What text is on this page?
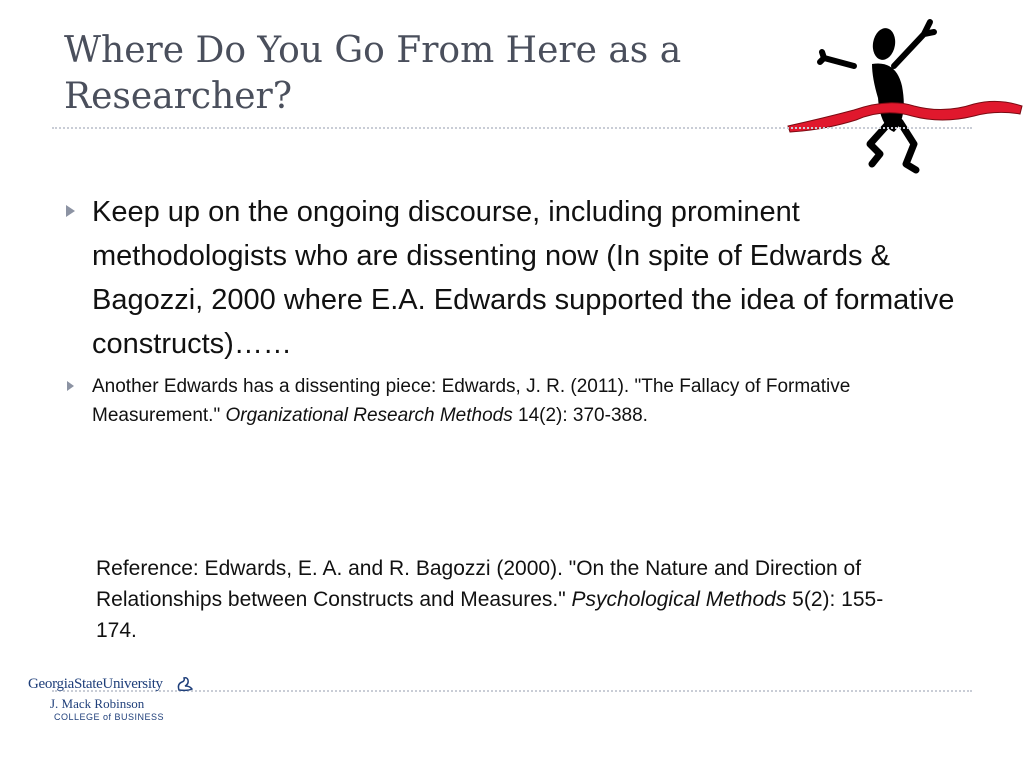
Where Do You Go From Here as a
Researcher?
Keep up on the ongoing discourse, including prominent methodologists who are dissenting now (In spite of Edwards & Bagozzi, 2000 where E.A. Edwards supported the idea of formative constructs)……
Another Edwards has a dissenting piece: Edwards, J. R. (2011). "The Fallacy of Formative Measurement." Organizational Research Methods 14(2): 370-388.
Reference: Edwards, E. A. and R. Bagozzi (2000). "On the Nature and Direction of Relationships between Constructs and Measures." Psychological Methods 5(2): 155-174.
GeorgiaStateUniversity
J. Mack Robinson
COLLEGE of BUSINESS
